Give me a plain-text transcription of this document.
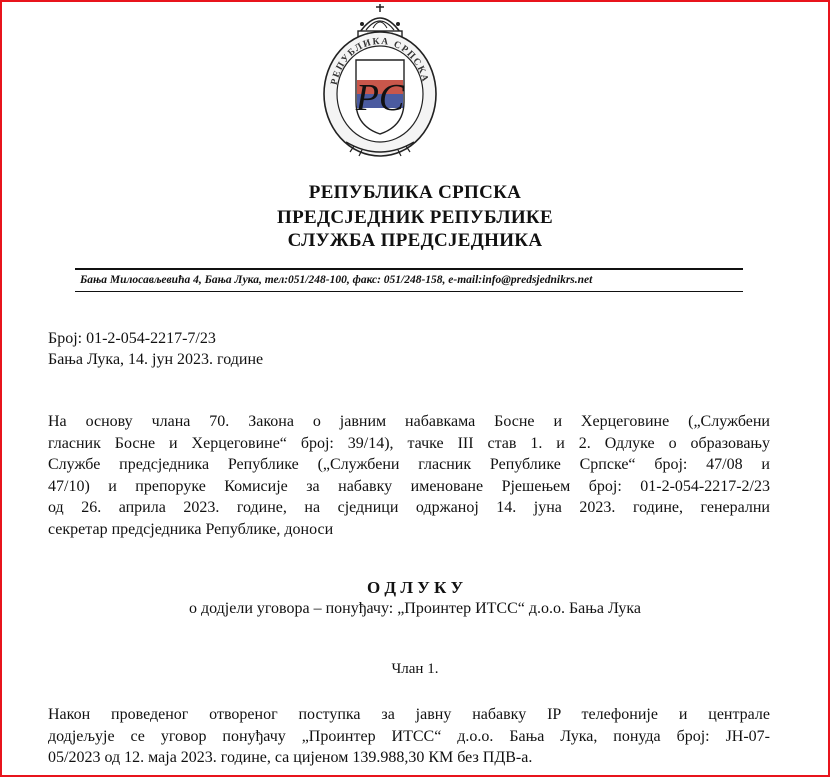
РЕПУБЛИКА СРПСКА
РС
РЕПУБЛИКА СРПСКА
ПРЕДСЈЕДНИК РЕПУБЛИКЕ
СЛУЖБА ПРЕДСЈЕДНИКА
Бања Милосављевића 4, Бања Лука, тел:051/248-100, факс: 051/248-158, e-mail:info@predsjednikrs.net
Број: 01-2-054-2217-7/23
Бања Лука, 14. јун 2023. године
На основу члана 70. Закона о јавним набавкама Босне и Херцеговине („Службени
гласник Босне и Херцеговине“ број: 39/14), тачке III став 1. и 2. Одлуке о образовању
Службе предсједника Републике („Службени гласник Републике Српске“ број: 47/08 и
47/10) и препоруке Комисије за набавку именоване Рјешењем број: 01-2-054-2217-2/23
од 26. априла 2023. године, на сједници одржаној 14. јуна 2023. године, генерални
секретар предсједника Републике, доноси
О Д Л У К У
о додјели уговора – понуђачу: „Проинтер ИТСС“ д.о.о. Бања Лука
Члан 1.
Након проведеног отвореног поступка за јавну набавку IP телефоније и централе
додјељује се уговор понуђачу „Проинтер ИТСС“ д.о.о. Бања Лука, понуда број: ЈН-07-
05/2023 од 12. маја 2023. године, са цијеном 139.988,30 КМ без ПДВ-а.
